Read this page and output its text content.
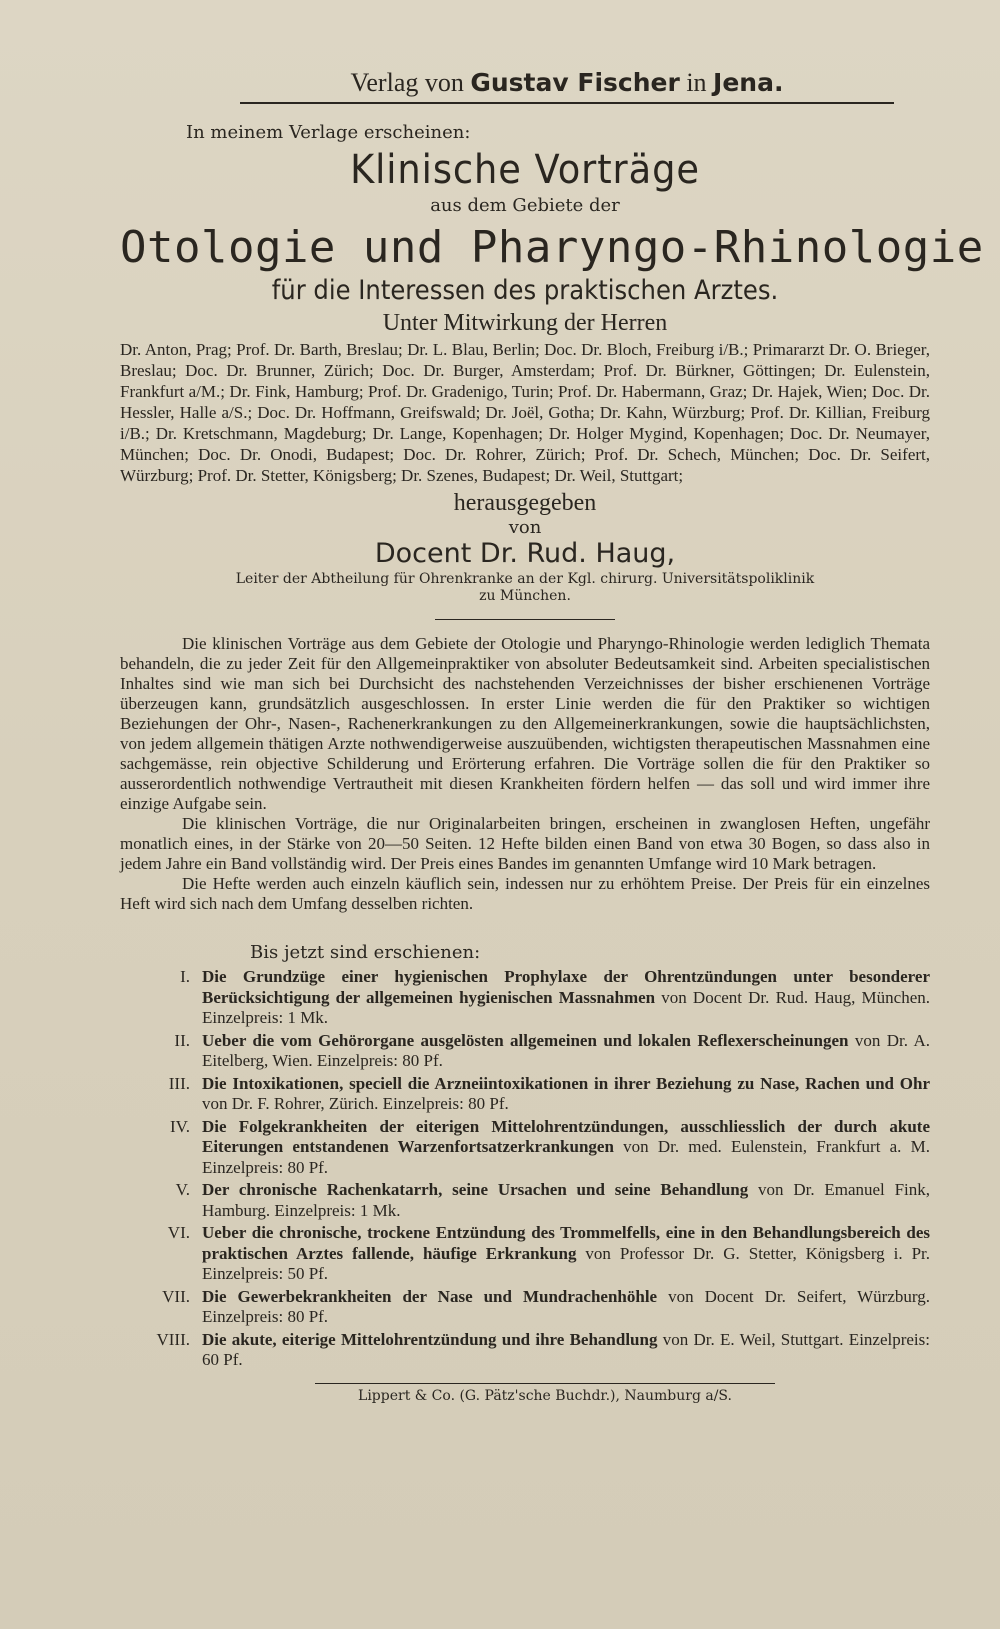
Verlag von Gustav Fischer in Jena.
In meinem Verlage erscheinen:
Klinische Vorträge
aus dem Gebiete der
Otologie und Pharyngo-Rhinologie
für die Interessen des praktischen Arztes.
Unter Mitwirkung der Herren
Dr. Anton, Prag; Prof. Dr. Barth, Breslau; Dr. L. Blau, Berlin; Doc. Dr. Bloch, Freiburg i/B.; Primararzt Dr. O. Brieger, Breslau; Doc. Dr. Brunner, Zürich; Doc. Dr. Burger, Amsterdam; Prof. Dr. Bürkner, Göttingen; Dr. Eulenstein, Frankfurt a/M.; Dr. Fink, Hamburg; Prof. Dr. Gradenigo, Turin; Prof. Dr. Habermann, Graz; Dr. Hajek, Wien; Doc. Dr. Hessler, Halle a/S.; Doc. Dr. Hoffmann, Greifswald; Dr. Joël, Gotha; Dr. Kahn, Würzburg; Prof. Dr. Killian, Freiburg i/B.; Dr. Kretschmann, Magdeburg; Dr. Lange, Kopenhagen; Dr. Holger Mygind, Kopenhagen; Doc. Dr. Neumayer, München; Doc. Dr. Onodi, Budapest; Doc. Dr. Rohrer, Zürich; Prof. Dr. Schech, München; Doc. Dr. Seifert, Würzburg; Prof. Dr. Stetter, Königsberg; Dr. Szenes, Budapest; Dr. Weil, Stuttgart;
herausgegeben
von
Docent Dr. Rud. Haug,
Leiter der Abtheilung für Ohrenkranke an der Kgl. chirurg. Universitätspoliklinik
zu München.

Die klinischen Vorträge aus dem Gebiete der Otologie und Pharyngo-Rhinologie werden lediglich Themata behandeln, die zu jeder Zeit für den Allgemeinpraktiker von absoluter Bedeutsamkeit sind. Arbeiten specialistischen Inhaltes sind wie man sich bei Durchsicht des nachstehenden Verzeichnisses der bisher erschienenen Vorträge überzeugen kann, grundsätzlich ausgeschlossen. In erster Linie werden die für den Praktiker so wichtigen Beziehungen der Ohr-, Nasen-, Rachenerkrankungen zu den Allgemeinerkrankungen, sowie die hauptsächlichsten, von jedem allgemein thätigen Arzte nothwendigerweise auszuübenden, wichtigsten therapeutischen Massnahmen eine sachgemässe, rein objective Schilderung und Erörterung erfahren. Die Vorträge sollen die für den Praktiker so ausserordentlich nothwendige Vertrautheit mit diesen Krankheiten fördern helfen — das soll und wird immer ihre einzige Aufgabe sein.

Die klinischen Vorträge, die nur Originalarbeiten bringen, erscheinen in zwanglosen Heften, ungefähr monatlich eines, in der Stärke von 20—50 Seiten. 12 Hefte bilden einen Band von etwa 30 Bogen, so dass also in jedem Jahre ein Band vollständig wird. Der Preis eines Bandes im genannten Umfange wird 10 Mark betragen.

Die Hefte werden auch einzeln käuflich sein, indessen nur zu erhöhtem Preise. Der Preis für ein einzelnes Heft wird sich nach dem Umfang desselben richten.

Bis jetzt sind erschienen:
I. Die Grundzüge einer hygienischen Prophylaxe der Ohrentzündungen unter besonderer Berücksichtigung der allgemeinen hygienischen Massnahmen von Docent Dr. Rud. Haug, München. Einzelpreis: 1 Mk.
II. Ueber die vom Gehörorgane ausgelösten allgemeinen und lokalen Reflexerscheinungen von Dr. A. Eitelberg, Wien. Einzelpreis: 80 Pf.
III. Die Intoxikationen, speciell die Arzneiintoxikationen in ihrer Beziehung zu Nase, Rachen und Ohr von Dr. F. Rohrer, Zürich. Einzelpreis: 80 Pf.
IV. Die Folgekrankheiten der eiterigen Mittelohrentzündungen, ausschliesslich der durch akute Eiterungen entstandenen Warzenfortsatzerkrankungen von Dr. med. Eulenstein, Frankfurt a. M. Einzelpreis: 80 Pf.
V. Der chronische Rachenkatarrh, seine Ursachen und seine Behandlung von Dr. Emanuel Fink, Hamburg. Einzelpreis: 1 Mk.
VI. Ueber die chronische, trockene Entzündung des Trommelfells, eine in den Behandlungsbereich des praktischen Arztes fallende, häufige Erkrankung von Professor Dr. G. Stetter, Königsberg i. Pr. Einzelpreis: 50 Pf.
VII. Die Gewerbekrankheiten der Nase und Mundrachenhöhle von Docent Dr. Seifert, Würzburg. Einzelpreis: 80 Pf.
VIII. Die akute, eiterige Mittelohrentzündung und ihre Behandlung von Dr. E. Weil, Stuttgart. Einzelpreis: 60 Pf.
Lippert & Co. (G. Pätz'sche Buchdr.), Naumburg a/S.
